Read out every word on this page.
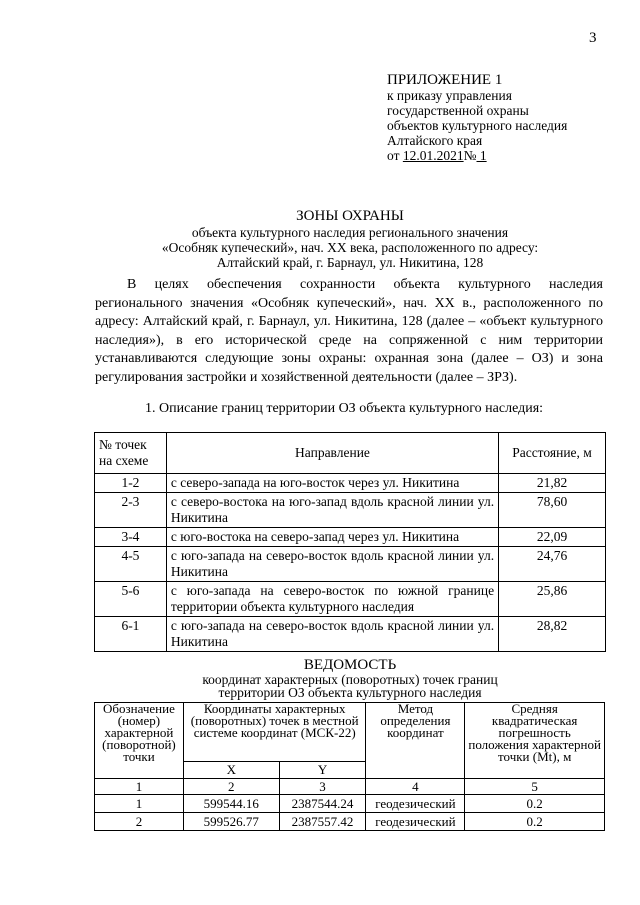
3
ПРИЛОЖЕНИЕ 1
к приказу управления
государственной охраны
объектов культурного наследия
Алтайского края
от 12.01.2021№ 1
ЗОНЫ ОХРАНЫ
объекта культурного наследия регионального значения
«Особняк купеческий», нач. XX века, расположенного по адресу:
Алтайский край, г. Барнаул, ул. Никитина, 128
В целях обеспечения сохранности объекта культурного наследия регионального значения «Особняк купеческий», нач. XX в., расположенного по адресу: Алтайский край, г. Барнаул, ул. Никитина, 128 (далее – «объект культурного наследия»), в его исторической среде на сопряженной с ним территории устанавливаются следующие зоны охраны: охранная зона (далее – ОЗ) и зона регулирования застройки и хозяйственной деятельности (далее – ЗРЗ).
1. Описание границ территории ОЗ объекта культурного наследия:
№ точек на схеме	Направление	Расстояние, м
1-2	с северо-запада на юго-восток через ул. Никитина	21,82
2-3	с северо-востока на юго-запад вдоль красной линии ул. Никитина	78,60
3-4	с юго-востока на северо-запад через ул. Никитина	22,09
4-5	с юго-запада на северо-восток вдоль красной линии ул. Никитина	24,76
5-6	с юго-запада на северо-восток по южной границе территории объекта культурного наследия	25,86
6-1	с юго-запада на северо-восток вдоль красной линии ул. Никитина	28,82
ВЕДОМОСТЬ
координат характерных (поворотных) точек границ
территории ОЗ объекта культурного наследия
Обозначение (номер) характерной (поворотной) точки	Координаты характерных (поворотных) точек в местной системе координат (МСК-22)		Метод определения координат	Средняя квадратическая погрешность положения характерной точки (Mt), м
	X	Y		
1	2	3	4	5
1	599544.16	2387544.24	геодезический	0.2
2	599526.77	2387557.42	геодезический	0.2
